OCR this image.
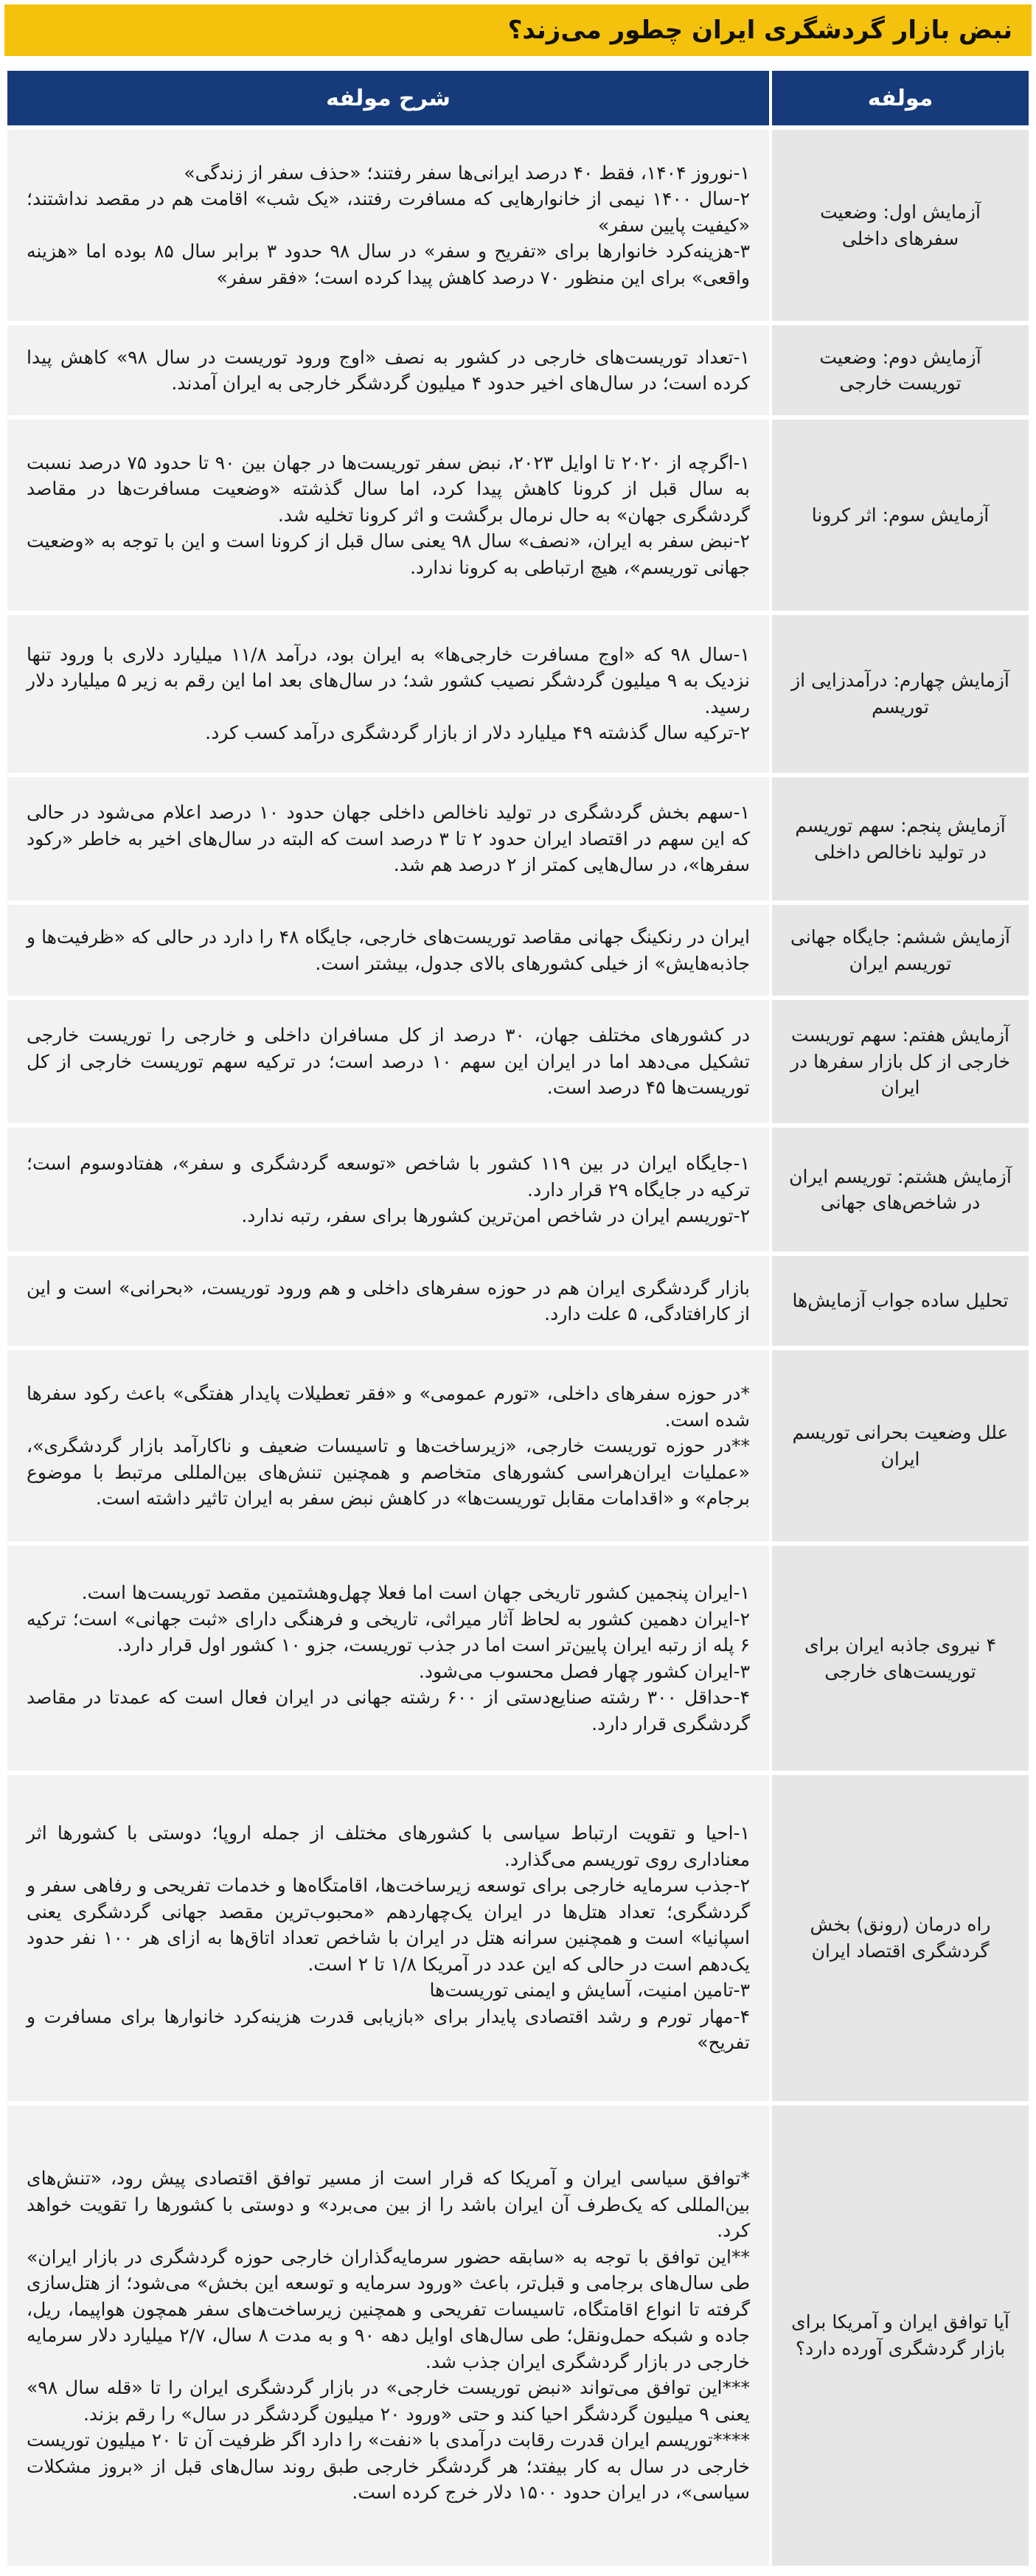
نبض بازار گردشگری ایران چطور می‌زند؟
مولفه	شرح مولفه
آزمایش اول: وضعیت سفرهای داخلی	۱-نوروز ۱۴۰۴، فقط ۴۰ درصد ایرانی‌ها سفر رفتند؛ «حذف سفر از زندگی»
۲-سال ۱۴۰۰ نیمی از خانوارهایی که مسافرت رفتند، «یک شب» اقامت هم در مقصد نداشتند؛ «کیفیت پایین سفر»
۳-هزینه‌کرد خانوارها برای «تفریح و سفر» در سال ۹۸ حدود ۳ برابر سال ۸۵ بوده اما «هزینه واقعی» برای این منظور ۷۰ درصد کاهش پیدا کرده است؛ «فقر سفر»

آزمایش دوم: وضعیت توریست خارجی	۱-تعداد توریست‌های خارجی در کشور به نصف «اوج ورود توریست در سال ۹۸» کاهش پیدا کرده است؛ در سال‌های اخیر حدود ۴ میلیون گردشگر خارجی به ایران آمدند.

آزمایش سوم: اثر کرونا	۱-اگرچه از ۲۰۲۰ تا اوایل ۲۰۲۳، نبض سفر توریست‌ها در جهان بین ۹۰ تا حدود ۷۵ درصد نسبت به سال قبل از کرونا کاهش پیدا کرد، اما سال گذشته «وضعیت مسافرت‌ها در مقاصد گردشگری جهان» به حال نرمال برگشت و اثر کرونا تخلیه شد.
۲-نبض سفر به ایران، «نصف» سال ۹۸ یعنی سال قبل از کرونا است و این با توجه به «وضعیت جهانی توریسم»، هیچ ارتباطی به کرونا ندارد.

آزمایش چهارم: درآمدزایی از توریسم	۱-سال ۹۸ که «اوج مسافرت خارجی‌ها» به ایران بود، درآمد ۱۱/۸ میلیارد دلاری با ورود تنها نزدیک به ۹ میلیون گردشگر نصیب کشور شد؛ در سال‌های بعد اما این رقم به زیر ۵ میلیارد دلار رسید.
۲-ترکیه سال گذشته ۴۹ میلیارد دلار از بازار گردشگری درآمد کسب کرد.

آزمایش پنجم: سهم توریسم در تولید ناخالص داخلی	۱-سهم بخش گردشگری در تولید ناخالص داخلی جهان حدود ۱۰ درصد اعلام می‌شود در حالی که این سهم در اقتصاد ایران حدود ۲ تا ۳ درصد است که البته در سال‌های اخیر به خاطر «رکود سفرها»، در سال‌هایی کمتر از ۲ درصد هم شد.

آزمایش ششم: جایگاه جهانی توریسم ایران	ایران در رنکینگ جهانی مقاصد توریست‌های خارجی، جایگاه ۴۸ را دارد در حالی که «ظرفیت‌ها و جاذبه‌هایش» از خیلی کشورهای بالای جدول، بیشتر است.

آزمایش هفتم: سهم توریست خارجی از کل بازار سفرها در ایران	در کشورهای مختلف جهان، ۳۰ درصد از کل مسافران داخلی و خارجی را توریست خارجی تشکیل می‌دهد اما در ایران این سهم ۱۰ درصد است؛ در ترکیه سهم توریست خارجی از کل توریست‌ها ۴۵ درصد است.

آزمایش هشتم: توریسم ایران در شاخص‌های جهانی	۱-جایگاه ایران در بین ۱۱۹ کشور با شاخص «توسعه گردشگری و سفر»، هفتادوسوم است؛ ترکیه در جایگاه ۲۹ قرار دارد.
۲-توریسم ایران در شاخص امن‌ترین کشورها برای سفر، رتبه ندارد.

تحلیل ساده جواب آزمایش‌ها	بازار گردشگری ایران هم در حوزه سفرهای داخلی و هم ورود توریست، «بحرانی» است و این از کارافتادگی، ۵ علت دارد.

علل وضعیت بحرانی توریسم ایران	*در حوزه سفرهای داخلی، «تورم عمومی» و «فقر تعطیلات پایدار هفتگی» باعث رکود سفرها شده است.
**در حوزه توریست خارجی، «زیرساخت‌ها و تاسیسات ضعیف و ناکارآمد بازار گردشگری»، «عملیات ایران‌هراسی کشورهای متخاصم و همچنین تنش‌های بین‌المللی مرتبط با موضوع برجام» و «اقدامات مقابل توریست‌ها» در کاهش نبض سفر به ایران تاثیر داشته است.

۴ نیروی جاذبه ایران برای توریست‌های خارجی	۱-ایران پنجمین کشور تاریخی جهان است اما فعلا چهل‌وهشتمین مقصد توریست‌ها است.
۲-ایران دهمین کشور به لحاظ آثار میراثی، تاریخی و فرهنگی دارای «ثبت جهانی» است؛ ترکیه ۶ پله از رتبه ایران پایین‌تر است اما در جذب توریست، جزو ۱۰ کشور اول قرار دارد.
۳-ایران کشور چهار فصل محسوب می‌شود.
۴-حداقل ۳۰۰ رشته صنایع‌دستی از ۶۰۰ رشته جهانی در ایران فعال است که عمدتا در مقاصد گردشگری قرار دارد.

راه درمان (رونق) بخش گردشگری اقتصاد ایران	۱-احیا و تقویت ارتباط سیاسی با کشورهای مختلف از جمله اروپا؛ دوستی با کشورها اثر معناداری روی توریسم می‌گذارد.
۲-جذب سرمایه خارجی برای توسعه زیرساخت‌ها، اقامتگاه‌ها و خدمات تفریحی و رفاهی سفر و گردشگری؛ تعداد هتل‌ها در ایران یک‌چهاردهم «محبوب‌ترین مقصد جهانی گردشگری یعنی اسپانیا» است و همچنین سرانه هتل در ایران با شاخص تعداد اتاق‌ها به ازای هر ۱۰۰ نفر حدود یک‌دهم است در حالی که این عدد در آمریکا ۱/۸ تا ۲ است.
۳-تامین امنیت، آسایش و ایمنی توریست‌ها
۴-مهار تورم و رشد اقتصادی پایدار برای «بازیابی قدرت هزینه‌کرد خانوارها برای مسافرت و تفریح»

آیا توافق ایران و آمریکا برای بازار گردشگری آورده دارد؟	*توافق سیاسی ایران و آمریکا که قرار است از مسیر توافق اقتصادی پیش رود، «تنش‌های بین‌المللی که یک‌طرف آن ایران باشد را از بین می‌برد» و دوستی با کشورها را تقویت خواهد کرد.
**این توافق با توجه به «سابقه حضور سرمایه‌گذاران خارجی حوزه گردشگری در بازار ایران» طی سال‌های برجامی و قبل‌تر، باعث «ورود سرمایه و توسعه این بخش» می‌شود؛ از هتل‌سازی گرفته تا انواع اقامتگاه، تاسیسات تفریحی و همچنین زیرساخت‌های سفر همچون هواپیما، ریل، جاده و شبکه حمل‌ونقل؛ طی سال‌های اوایل دهه ۹۰ و به مدت ۸ سال، ۲/۷ میلیارد دلار سرمایه خارجی در بازار گردشگری ایران جذب شد.
***این توافق می‌تواند «نبض توریست خارجی» در بازار گردشگری ایران را تا «قله سال ۹۸» یعنی ۹ میلیون گردشگر احیا کند و حتی «ورود ۲۰ میلیون گردشگر در سال» را رقم بزند.
****توریسم ایران قدرت رقابت درآمدی با «نفت» را دارد اگر ظرفیت آن تا ۲۰ میلیون توریست خارجی در سال به کار بیفتد؛ هر گردشگر خارجی طبق روند سال‌های قبل از «بروز مشکلات سیاسی»، در ایران حدود ۱۵۰۰ دلار خرج کرده است.
